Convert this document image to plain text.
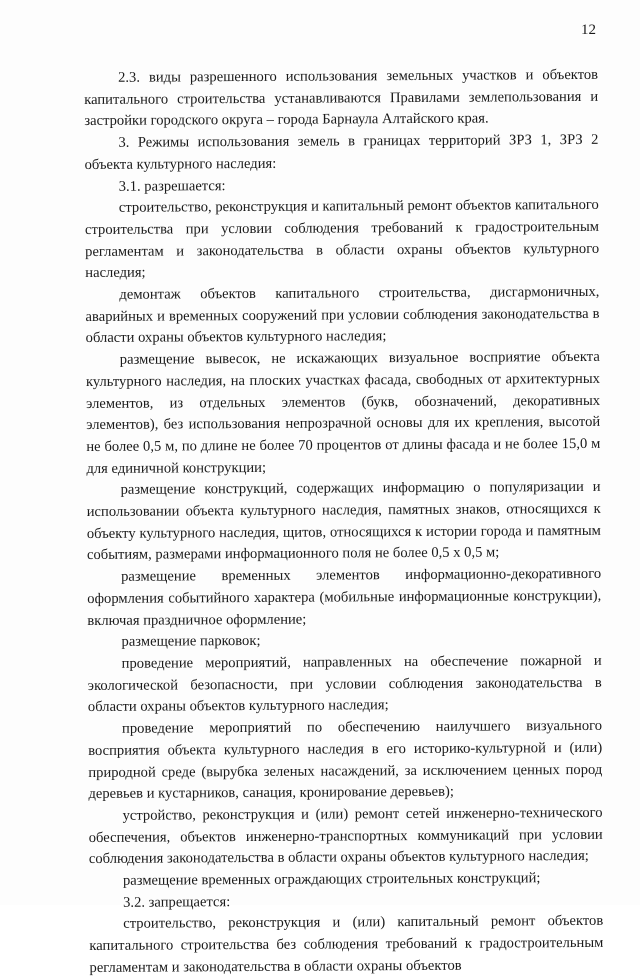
12

2.3. виды разрешенного использования земельных участков и объектов капитального строительства устанавливаются Правилами землепользования и застройки городского округа – города Барнаула Алтайского края.

3. Режимы использования земель в границах территорий ЗРЗ 1, ЗРЗ 2 объекта культурного наследия:

3.1. разрешается:

строительство, реконструкция и капитальный ремонт объектов капитального строительства при условии соблюдения требований к градостроительным регламентам и законодательства в области охраны объектов культурного наследия;

демонтаж объектов капитального строительства, дисгармоничных, аварийных и временных сооружений при условии соблюдения законодательства в области охраны объектов культурного наследия;

размещение вывесок, не искажающих визуальное восприятие объекта культурного наследия, на плоских участках фасада, свободных от архитектурных элементов, из отдельных элементов (букв, обозначений, декоративных элементов), без использования непрозрачной основы для их крепления, высотой не более 0,5 м, по длине не более 70 процентов от длины фасада и не более 15,0 м для единичной конструкции;

размещение конструкций, содержащих информацию о популяризации и использовании объекта культурного наследия, памятных знаков, относящихся к объекту культурного наследия, щитов, относящихся к истории города и памятным событиям, размерами информационного поля не более 0,5 х 0,5 м;

размещение временных элементов информационно-декоративного оформления событийного характера (мобильные информационные конструкции), включая праздничное оформление;

размещение парковок;

проведение мероприятий, направленных на обеспечение пожарной и экологической безопасности, при условии соблюдения законодательства в области охраны объектов культурного наследия;

проведение мероприятий по обеспечению наилучшего визуального восприятия объекта культурного наследия в его историко-культурной и (или) природной среде (вырубка зеленых насаждений, за исключением ценных пород деревьев и кустарников, санация, кронирование деревьев);

устройство, реконструкция и (или) ремонт сетей инженерно-технического обеспечения, объектов инженерно-транспортных коммуникаций при условии соблюдения законодательства в области охраны объектов культурного наследия;

размещение временных ограждающих строительных конструкций;

3.2. запрещается:

строительство, реконструкция и (или) капитальный ремонт объектов капитального строительства без соблюдения требований к градостроительным регламентам и законодательства в области охраны объектов
